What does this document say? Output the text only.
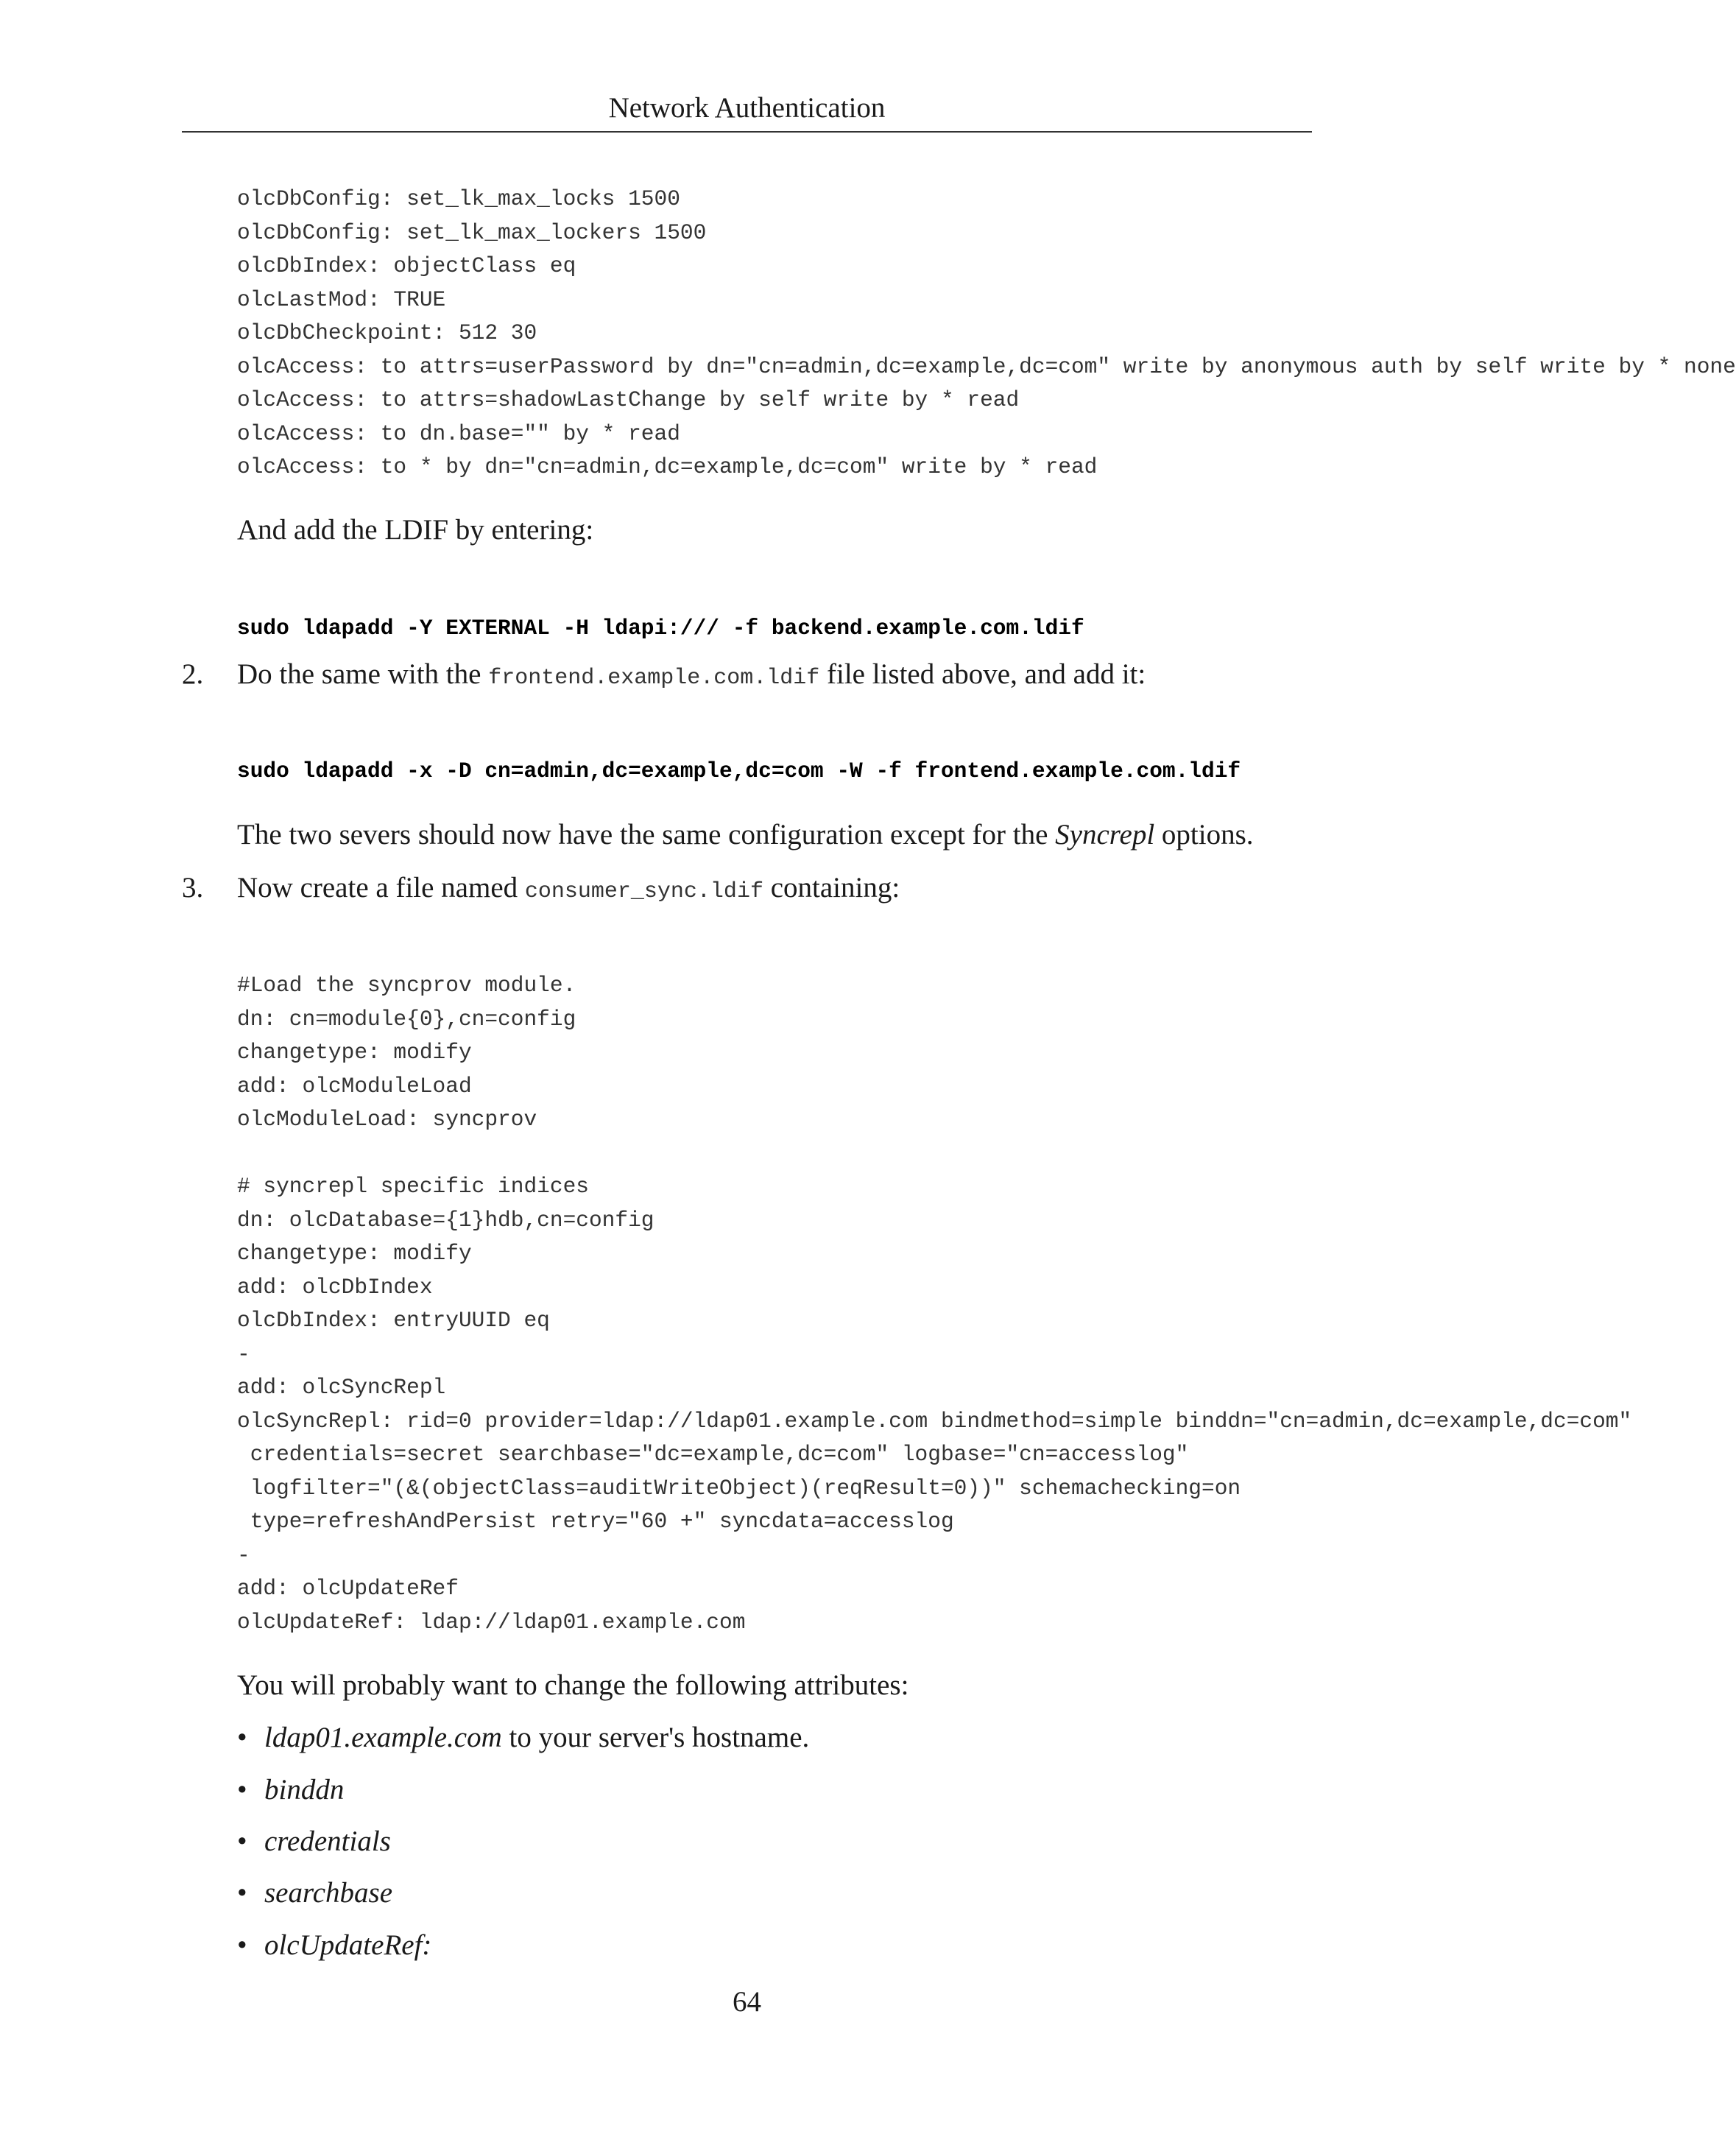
Network Authentication
olcDbConfig: set_lk_max_locks 1500
olcDbConfig: set_lk_max_lockers 1500
olcDbIndex: objectClass eq
olcLastMod: TRUE
olcDbCheckpoint: 512 30
olcAccess: to attrs=userPassword by dn="cn=admin,dc=example,dc=com" write by anonymous auth by self write by * none
olcAccess: to attrs=shadowLastChange by self write by * read
olcAccess: to dn.base="" by * read
olcAccess: to * by dn="cn=admin,dc=example,dc=com" write by * read

And add the LDIF by entering:

sudo ldapadd -Y EXTERNAL -H ldapi:/// -f backend.example.com.ldif
2. Do the same with the frontend.example.com.ldif file listed above, and add it:

sudo ldapadd -x -D cn=admin,dc=example,dc=com -W -f frontend.example.com.ldif

The two severs should now have the same configuration except for the Syncrepl options.

3. Now create a file named consumer_sync.ldif containing:

#Load the syncprov module.
dn: cn=module{0},cn=config
changetype: modify
add: olcModuleLoad
olcModuleLoad: syncprov

# syncrepl specific indices
dn: olcDatabase={1}hdb,cn=config
changetype: modify
add: olcDbIndex
olcDbIndex: entryUUID eq
-
add: olcSyncRepl
olcSyncRepl: rid=0 provider=ldap://ldap01.example.com bindmethod=simple binddn="cn=admin,dc=example,dc=com"
credentials=secret searchbase="dc=example,dc=com" logbase="cn=accesslog"
logfilter="(&(objectClass=auditWriteObject)(reqResult=0))" schemachecking=on
type=refreshAndPersist retry="60 +" syncdata=accesslog
-
add: olcUpdateRef
olcUpdateRef: ldap://ldap01.example.com

You will probably want to change the following attributes:

• ldap01.example.com to your server's hostname.
• binddn
• credentials
• searchbase
• olcUpdateRef:
64
